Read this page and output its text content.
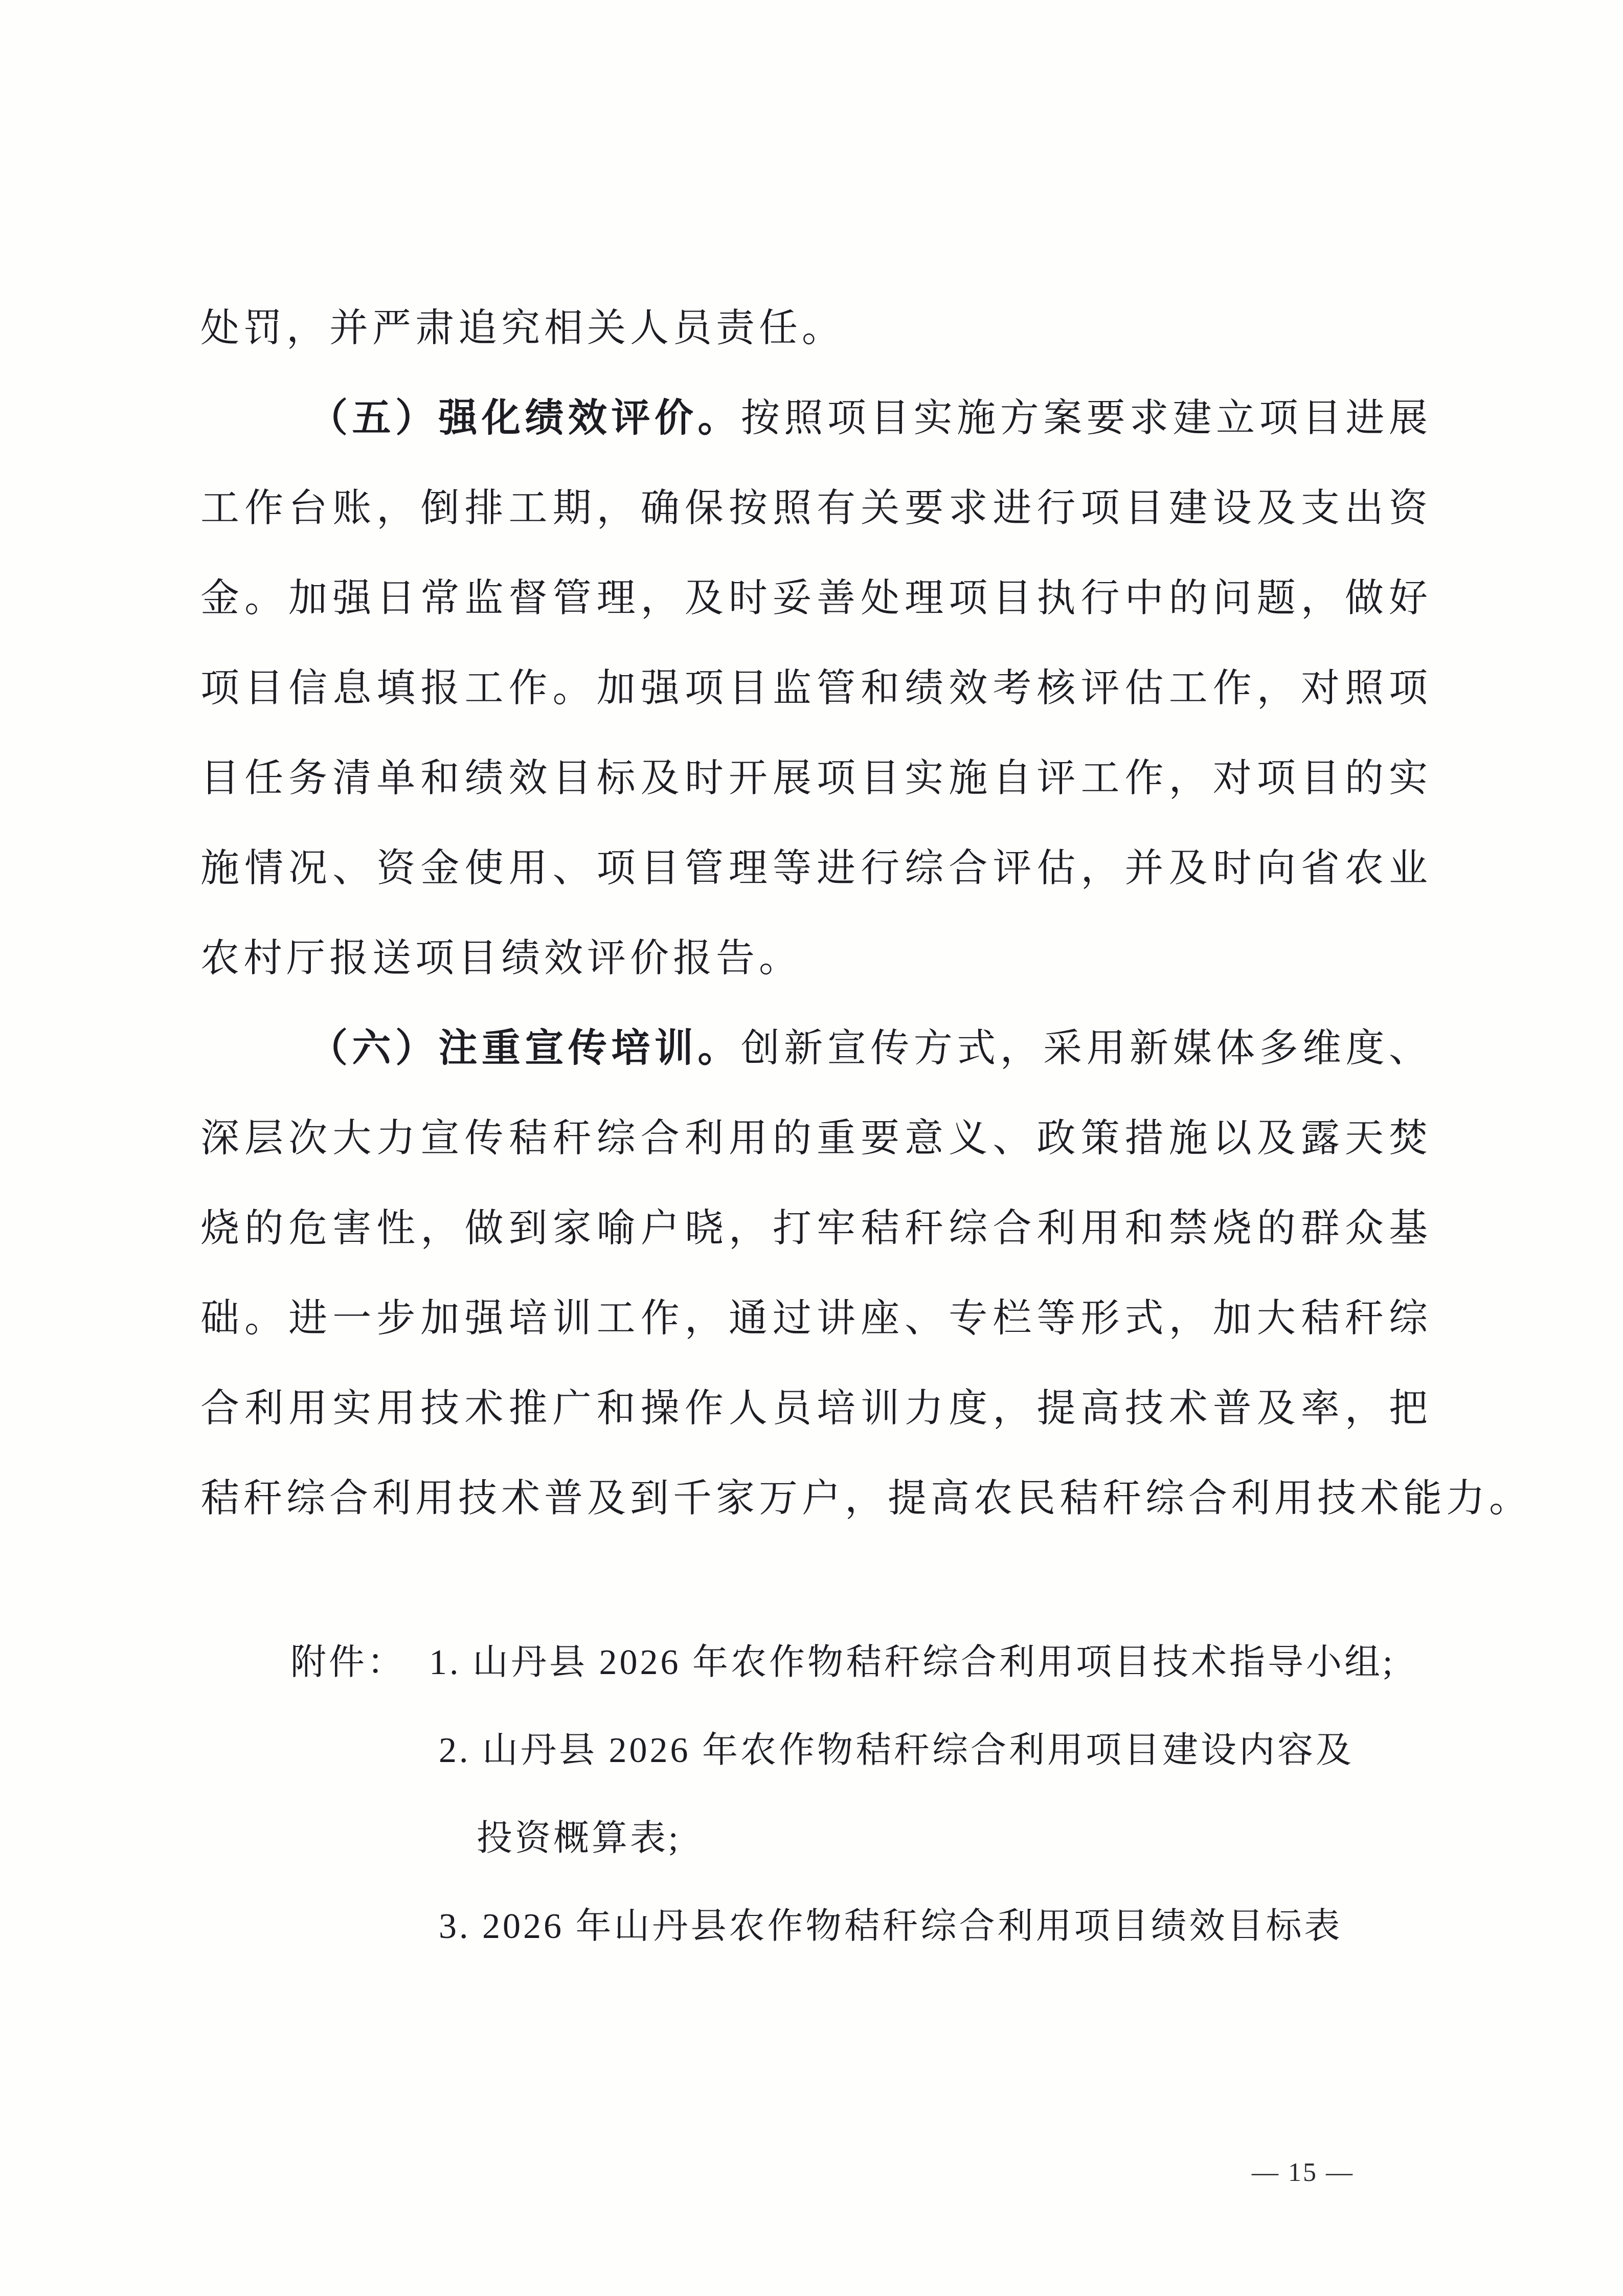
处罚，并严肃追究相关人员责任。

（五）强化绩效评价。按照项目实施方案要求建立项目进展

工作台账，倒排工期，确保按照有关要求进行项目建设及支出资

金。加强日常监督管理，及时妥善处理项目执行中的问题，做好

项目信息填报工作。加强项目监管和绩效考核评估工作，对照项

目任务清单和绩效目标及时开展项目实施自评工作，对项目的实

施情况、资金使用、项目管理等进行综合评估，并及时向省农业

农村厅报送项目绩效评价报告。

（六）注重宣传培训。创新宣传方式，采用新媒体多维度、

深层次大力宣传秸秆综合利用的重要意义、政策措施以及露天焚

烧的危害性，做到家喻户晓，打牢秸秆综合利用和禁烧的群众基

础。进一步加强培训工作，通过讲座、专栏等形式，加大秸秆综

合利用实用技术推广和操作人员培训力度，提高技术普及率，把

秸秆综合利用技术普及到千家万户，提高农民秸秆综合利用技术能力。

附件： 1. 山丹县 2026 年农作物秸秆综合利用项目技术指导小组;

2. 山丹县 2026 年农作物秸秆综合利用项目建设内容及

投资概算表;

3. 2026 年山丹县农作物秸秆综合利用项目绩效目标表

— 15 —
